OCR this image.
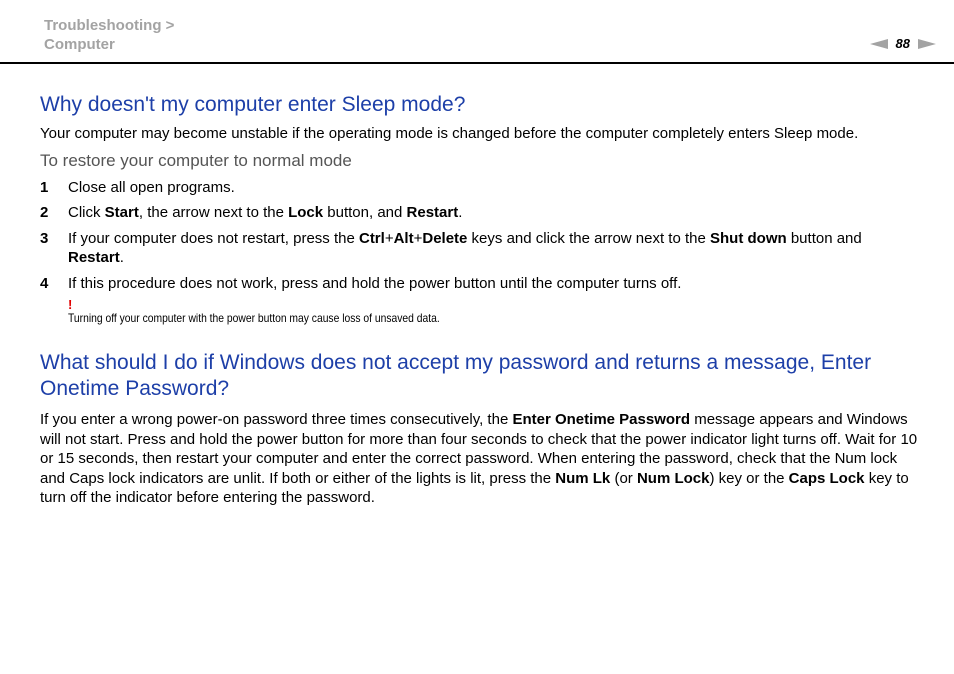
Troubleshooting >
Computer	88
Why doesn't my computer enter Sleep mode?

Your computer may become unstable if the operating mode is changed before the computer completely enters Sleep mode.

To restore your computer to normal mode
1	Close all open programs.
2	Click Start, the arrow next to the Lock button, and Restart.
3	If your computer does not restart, press the Ctrl+Alt+Delete keys and click the arrow next to the Shut down button and Restart.
4	If this procedure does not work, press and hold the power button until the computer turns off.
!
Turning off your computer with the power button may cause loss of unsaved data.
What should I do if Windows does not accept my password and returns a message, Enter Onetime Password?

If you enter a wrong power-on password three times consecutively, the Enter Onetime Password message appears and Windows will not start. Press and hold the power button for more than four seconds to check that the power indicator light turns off. Wait for 10 or 15 seconds, then restart your computer and enter the correct password. When entering the password, check that the Num lock and Caps lock indicators are unlit. If both or either of the lights is lit, press the Num Lk (or Num Lock) key or the Caps Lock key to turn off the indicator before entering the password.
